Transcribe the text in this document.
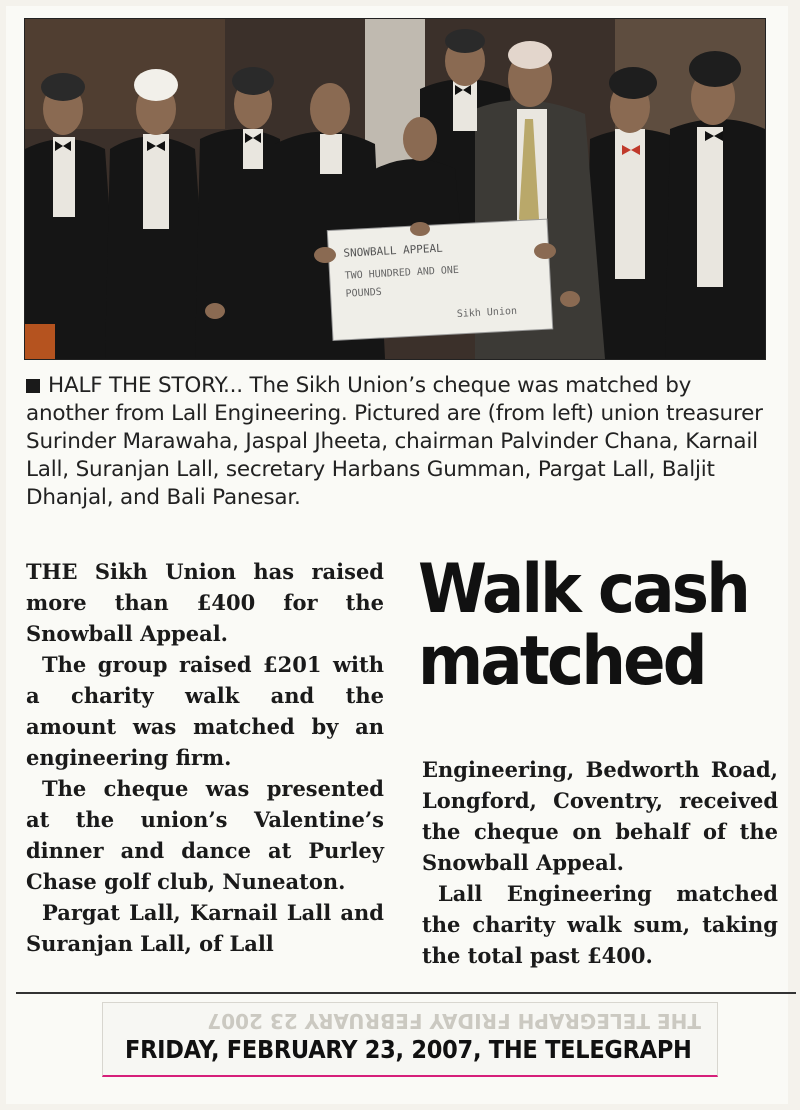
SNOWBALL APPEAL
TWO HUNDRED AND ONE
POUNDS
Sikh Union
HALF THE STORY... The Sikh Union’s cheque was matched by another from Lall Engineering. Pictured are (from left) union treasurer Surinder Marawaha, Jaspal Jheeta, chairman Palvinder Chana, Karnail Lall, Suranjan Lall, secretary Harbans Gumman, Pargat Lall, Baljit Dhanjal, and Bali Panesar.

THE Sikh Union has raised more than £400 for the Snowball Appeal.

The group raised £201 with a charity walk and the amount was matched by an engineering firm.

The cheque was presented at the union’s Valentine’s dinner and dance at Purley Chase golf club, Nuneaton.

Pargat Lall, Karnail Lall and Suranjan Lall, of Lall

Walk cash matched

Engineering, Bedworth Road, Longford, Coventry, received the cheque on behalf of the Snowball Appeal.

Lall Engineering matched the charity walk sum, taking the total past £400.

THE TELEGRAPH FRIDAY FEBRUARY 23 2007
FRIDAY, FEBRUARY 23, 2007, THE TELEGRAPH
